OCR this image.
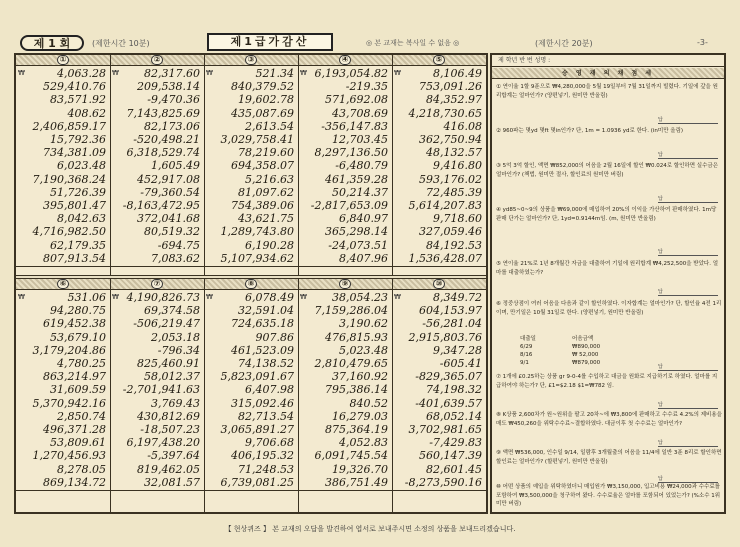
제 1 회	(제한시간 10분)	제1급가감산	◎ 본 교재는 복사일 수 없음 ◎	(제한시간 20분)	-3-
①
₩	4,063.28
529,410.76
83,571.92
408.62
2,406,859.17
15,792.36
734,381.09
6,023.48
7,190,368.24
51,726.39
395,801.47
8,042.63
4,716,982.50
62,179.35
807,913.54
②
₩	82,317.60
209,538.14
-9,470.36
7,143,825.69
82,173.06
-520,498.21
6,318,529.74
1,605.49
452,917.08
-79,360.54
-8,163,472.95
372,041.68
80,519.32
-694.75
7,083.62
③
₩	521.34
840,379.52
19,602.78
435,087.69
2,613.54
3,029,758.41
78,219.60
694,358.07
5,216.63
81,097.62
754,389.06
43,621.75
1,289,743.80
6,190.28
5,107,934.62
④
₩ 6,193,054.82
-219.35
571,692.08
43,708.69
-356,147.83
12,703.45
8,297,136.50
-6,480.79
461,359.28
50,214.37
-2,817,653.09
6,840.97
365,298.14
-24,073.51
8,407.96
⑤
₩	8,106.49
753,091.26
84,352.97
4,218,730.65
416.08
362,750.94
48,132.57
9,416.80
593,176.02
72,485.39
5,614,207.83
9,718.60
327,059.46
84,192.53
1,536,428.07
⑥
₩	531.06
94,280.75
619,452.38
53,679.10
3,179,204.86
4,780.25
863,214.97
31,609.59
5,370,942.16
2,850.74
496,371.28
53,809.61
1,270,456.93
8,278.05
869,134.72
⑦
₩ 4,190,826.73
69,374.58
-506,219.47
2,053.18
-796.34
825,460.91
58,012.37
-2,701,941.63
3,769.43
430,812.69
-18,507.23
6,197,438.20
-5,397.64
819,462.05
32,081.57
⑧
₩	6,078.49
32,591.04
724,635.18
907.86
461,523.09
74,138.52
5,823,091.67
6,407.98
315,092.46
82,713.54
3,065,891.27
9,706.68
406,195.32
71,248.53
6,739,081.25
⑨
₩	38,054.23
7,159,286.04
3,190.62
476,815.93
5,023.48
2,810,479.65
37,160.92
795,386.14
840.52
16,279.03
875,364.19
4,052.83
6,091,745.54
19,326.70
386,751.49
⑩
₩	8,349.72
604,153.97
-56,281.04
2,915,803.76
9,347.28
-605.41
-829,365.07
74,198.32
-401,639.57
68,052.14
3,702,981.65
-7,429.83
560,147.39
82,601.45
-8,273,590.16
제 학년 반 번 성명 :
승 영 재 의 채 점 세
① 연이율 1할 9푼으로 ₩4,280,000을 5월 19일부터 7월 31일까지 빌렸다. 기일에 갚을 원리합계는 얼마인가? (양편넣기, 원미만 반올림)
답
② 960파는 몇yd 몇ft 몇in인가? 단, 1m = 1.0936 yd로 한다. (in미만 올림)
답
③ 5억 3억 할인, 액면 ₩852,000의 어음을 2월 16일에 할인 ₩0.024로 할인하면 실수금은 얼마인가? (책법, 원미만 절사, 할인료의 원미만 버림)
답
④ yd85~0~9의 상품을 ₩69,000에 매입하여 20%의 이익을 가산하여 판매하였다. 1m당 판매 단가는 얼마인가? 단, 1yd=0.9144m임. (m, 원미만 반올림)
답
⑤ 연이율 21%로 1년 8개월간 자금을 대출하여 기일에 원리합계 ₩4,252,500을 받았다. 얼마를 대출하였는가?
답
⑥ 정중상점이 여러 어음을 다음과 같이 할인하였다. 이자합계는 얼마인가? 단, 할인율 4전 1리이며, 만기일은 10월 31일로 한다. (양편넣기, 원미만 반올림)
대출일	어음금액
6/29	₩890,000
8/16	₩ 52,000
9/1	₩879,000
답
⑦ 1개에 £0.25하는 상품 gr 9-0-4를 수입하고 대금을 원화로 지급하기로 하였다. 얼마를 지급하여야 하는가? 단, £1=$2.18 $1=₩782 임.
답
⑧ K상품 2,600차가 원~원위을 팔고 20차~에 ₩3,800에 판매하고 수수료 4.2%의 제비용을 매도 ₩450,260을 위탁수수료~결합하였다. 대금이후 첫 수수료는 얼마인가?
답
⑨ 액면 ₩536,000, 인수일 9/14, 일람후 3개월출의 어음을 11/4에 일반 3푼 8리로 할인하면 할인료는 얼마인가? (할편넣기, 원미만 반올림)
답
⑩ 어떤 상품의 예입을 위탁하였더니 매입원가 ₩3,150,000, 입고비용 ₩24,000과 수수료를 포함하여 ₩3,500,000을 청구하여 왔다. 수수료율은 얼마를 포함되어 있었는가? (%소수 1위미만 버림)
【 현상퀴즈 】 본 교재의 오답을 발견하여 엽서로 보내주시면 소정의 상품을 보내드리겠습니다.
